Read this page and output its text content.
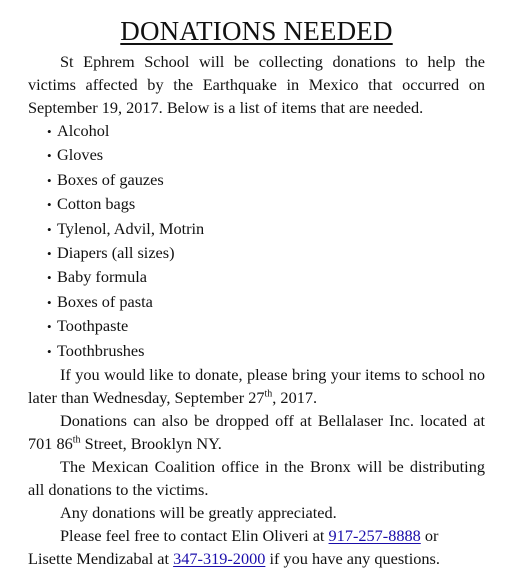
DONATIONS NEEDED

St Ephrem School will be collecting donations to help the victims affected by the Earthquake in Mexico that occurred on September 19, 2017. Below is a list of items that are needed.

• Alcohol
• Gloves
• Boxes of gauzes
• Cotton bags
• Tylenol, Advil, Motrin
• Diapers (all sizes)
• Baby formula
• Boxes of pasta
• Toothpaste
• Toothbrushes

If you would like to donate, please bring your items to school no later than Wednesday, September 27th, 2017.

Donations can also be dropped off at Bellalaser Inc. located at 701 86th Street, Brooklyn NY.

The Mexican Coalition office in the Bronx will be distributing all donations to the victims.

Any donations will be greatly appreciated.

Please feel free to contact Elin Oliveri at 917-257-8888 or Lisette Mendizabal at 347-319-2000 if you have any questions.
